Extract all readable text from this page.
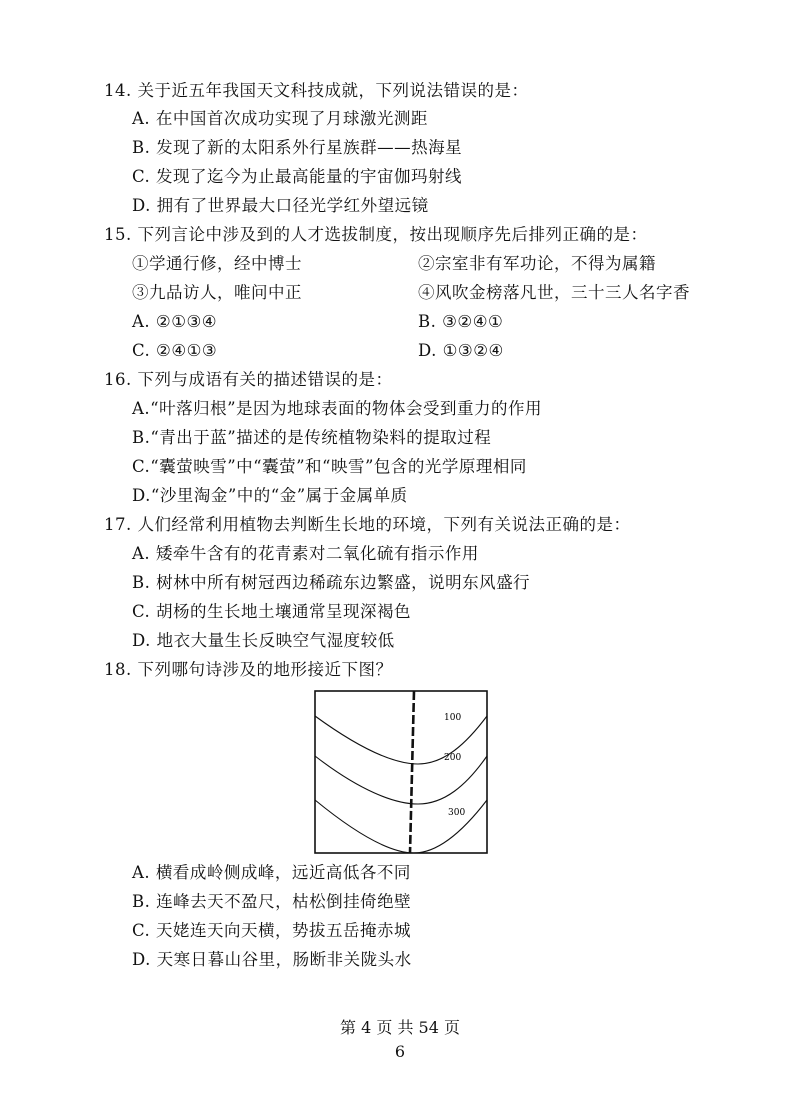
14. 关于近五年我国天文科技成就，下列说法错误的是：
A. 在中国首次成功实现了月球激光测距
B. 发现了新的太阳系外行星族群——热海星
C. 发现了迄今为止最高能量的宇宙伽玛射线
D. 拥有了世界最大口径光学红外望远镜
15. 下列言论中涉及到的人才选拔制度，按出现顺序先后排列正确的是：
①学通行修，经中博士	②宗室非有军功论，不得为属籍
③九品访人，唯问中正	④风吹金榜落凡世，三十三人名字香
A. ②①③④	B. ③②④①
C. ②④①③	D. ①③②④
16. 下列与成语有关的描述错误的是：
A.“叶落归根”是因为地球表面的物体会受到重力的作用
B.“青出于蓝”描述的是传统植物染料的提取过程
C.“囊萤映雪”中“囊萤”和“映雪”包含的光学原理相同
D.“沙里淘金”中的“金”属于金属单质
17. 人们经常利用植物去判断生长地的环境，下列有关说法正确的是：
A. 矮牵牛含有的花青素对二氧化硫有指示作用
B. 树林中所有树冠西边稀疏东边繁盛，说明东风盛行
C. 胡杨的生长地土壤通常呈现深褐色
D. 地衣大量生长反映空气湿度较低
18. 下列哪句诗涉及的地形接近下图？
100
200
300
A. 横看成岭侧成峰，远近高低各不同
B. 连峰去天不盈尺，枯松倒挂倚绝壁
C. 天姥连天向天横，势拔五岳掩赤城
D. 天寒日暮山谷里，肠断非关陇头水
第 4 页 共 54 页
6
